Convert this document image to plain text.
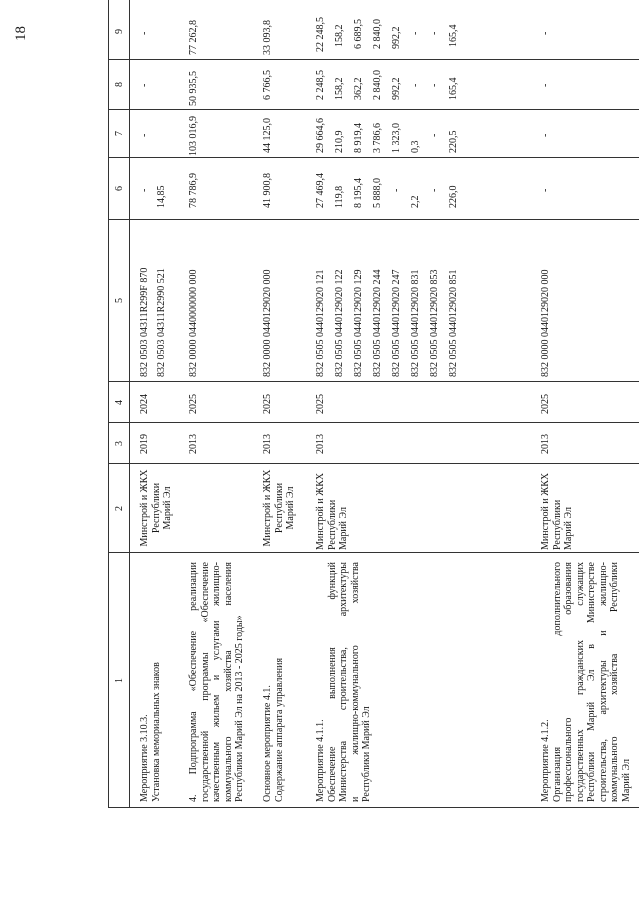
18
1
2
3
4
5
6
7
8
9
Мероприятие 3.10.3. Установка мемориальных знаков
Минстрой и ЖКХ Республики Марий Эл
2019
2024
832 0503 04311R299F 870 832 0503 04311R2990 521
- 14,85
-
-
-
4. Подпрограмма «Обеспечение реализации государственной программы «Обеспечение качественным жильем и услугами жилищно- коммунального хозяйства населения Республики Марий Эл на 2013 - 2025 годы»
2013
2025
832 0000 0440000000 000
78 786,9
103 016,9
50 935,5
77 262,8
Основное мероприятие 4.1. Содержание аппарата управления
Минстрой и ЖКХ Республики Марий Эл
2013
2025
832 0000 0440129020 000
41 900,8
44 125,0
6 766,5
33 093,8
Мероприятие 4.1.1. Обеспечение выполнения функций Министерства строительства, архитектуры и жилищно-коммунального хозяйства Республики Марий Эл
Минстрой и ЖКХ Республики Марий Эл
2013
2025
832 0505 0440129020 121 832 0505 0440129020 122 832 0505 0440129020 129 832 0505 0440129020 244 832 0505 0440129020 247 832 0505 0440129020 831 832 0505 0440129020 853 832 0505 0440129020 851
27 469,4 119,8 8 195,4 5 888,0 -
2,2
- 226,0
29 664,6 210,9 8 919,4 3 786,6 1 323,0 0,3
- 220,5
2 248,5 158,2 362,2 2 840,0 992,2 - - 165,4
22 248,5 158,2 6 689,5 2 840,0 992,2 - - 165,4
Мероприятие 4.1.2. Организация дополнительного профессионального образования государственных гражданских служащих Республики Марий Эл в Министерстве строительства, архитектуры и жилищно- коммунального хозяйства Республики Марий Эл
Минстрой и ЖКХ Республики Марий Эл
2013
2025
832 0000 0440129020 000
-
-
-
-
